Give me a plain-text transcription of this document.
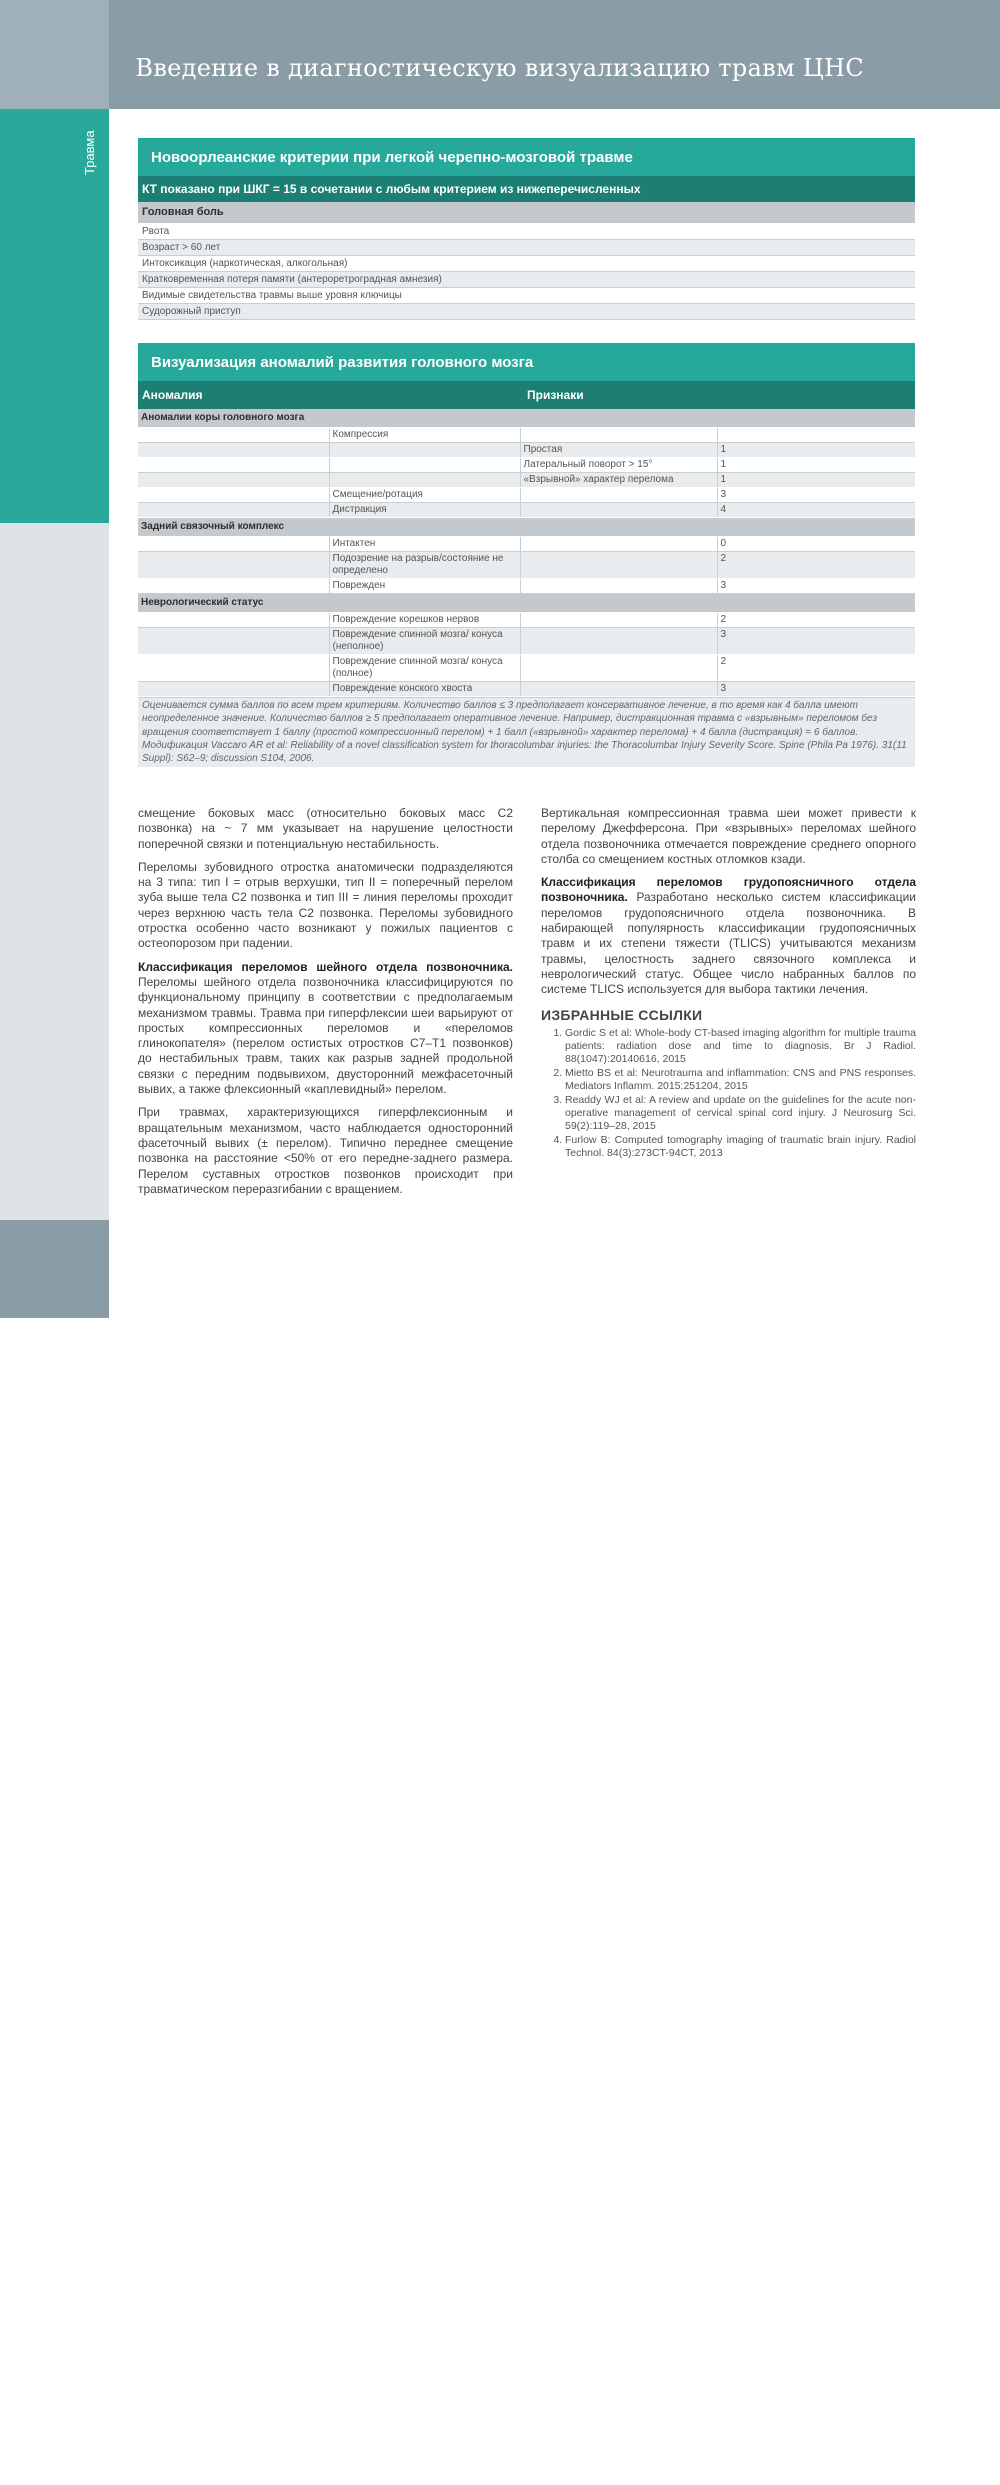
Введение в диагностическую визуализацию травм ЦНС
Травма
136
Новоорлеанские критерии при легкой черепно-мозговой травме
КТ показано при ШКГ = 15 в сочетании с любым критерием из нижеперечисленных
Головная боль
Рвота
Возраст > 60 лет
Интоксикация (наркотическая, алкогольная)
Кратковременная потеря памяти (антероретроградная амнезия)
Видимые свидетельства травмы выше уровня ключицы
Судорожный приступ
Визуализация аномалий развития головного мозга
Аномалия	Признаки
Аномалии коры головного мозга			
	Компрессия		
		Простая	1
		Латеральный поворот > 15°	1
		«Взрывной» характер перелома	1
	Смещение/ротация		3
	Дистракция		4
Задний связочный комплекс			
	Интактен		0
	Подозрение на разрыв/состояние не определено		2
	Поврежден		3
Неврологический статус			
	Повреждение корешков нервов		2
	Повреждение спинной мозга/ конуса (неполное)		3
	Повреждение спинной мозга/ конуса (полное)		2
	Повреждение конского хвоста		3
Оценивается сумма баллов по всем трем критериям. Количество баллов ≤ 3 предполагает консервативное лечение, в то время как 4 балла имеют неопределенное значение. Количество баллов ≥ 5 предполагает оперативное лечение. Например, дистракционная травма с «взрывным» переломом без вращения соответствует 1 баллу (простой компрессионный перелом) + 1 балл («взрывной» характер перелома) + 4 балла (дистракция) = 6 баллов. Модификация Vaccaro AR et al: Reliability of a novel classification system for thoracolumbar injuries: the Thoracolumbar Injury Severity Score. Spine (Phila Pa 1976). 31(11 Suppl): S62–9; discussion S104, 2006.

смещение боковых масс (относительно боковых масс С2 позвонка) на ~ 7 мм указывает на нарушение целостности поперечной связки и потенциальную нестабильность.

Переломы зубовидного отростка анатомически подразделяются на 3 типа: тип I = отрыв верхушки, тип II = поперечный перелом зуба выше тела С2 позвонка и тип III = линия переломы проходит через верхнюю часть тела С2 позвонка. Переломы зубовидного отростка особенно часто возникают у пожилых пациентов с остеопорозом при падении.

Классификация переломов шейного отдела позвоночника. Переломы шейного отдела позвоночника классифицируются по функциональному принципу в соответствии с предполагаемым механизмом травмы. Травма при гиперфлексии шеи варьируют от простых компрессионных переломов и «переломов глинокопателя» (перелом остистых отростков С7–Т1 позвонков) до нестабильных травм, таких как разрыв задней продольной связки с передним подвывихом, двусторонний межфасеточный вывих, а также флексионный «каплевидный» перелом.

При травмах, характеризующихся гиперфлексионным и вращательным механизмом, часто наблюдается односторонний фасеточный вывих (± перелом). Типично переднее смещение позвонка на расстояние <50% от его передне-заднего размера. Перелом суставных отростков позвонков происходит при травматическом перерaзгибании с вращением.

Вертикальная компрессионная травма шеи может привести к перелому Джефферсона. При «взрывных» переломах шейного отдела позвоночника отмечается повреждение среднего опорного столба со смещением костных отломков кзади.

Классификация переломов грудопоясничного отдела позвоночника. Разработано несколько систем классификации переломов грудопоясничного отдела позвоночника. В набирающей популярность классификации грудопоясничных травм и их степени тяжести (TLICS) учитываются механизм травмы, целостность заднего связочного комплекса и неврологический статус. Общее число набранных баллов по системе TLICS используется для выбора тактики лечения.

ИЗБРАННЫЕ ССЫЛКИ

1. Gordic S et al: Whole-body CT-based imaging algorithm for multiple trauma patients: radiation dose and time to diagnosis. Br J Radiol. 88(1047):20140616, 2015
2. Mietto BS et al: Neurotrauma and inflammation: CNS and PNS responses. Mediators Inflamm. 2015:251204, 2015
3. Readdy WJ et al: A review and update on the guidelines for the acute non-operative management of cervical spinal cord injury. J Neurosurg Sci. 59(2):119–28, 2015
4. Furlow B: Computed tomography imaging of traumatic brain injury. Radiol Technol. 84(3):273CT-94CT, 2013
